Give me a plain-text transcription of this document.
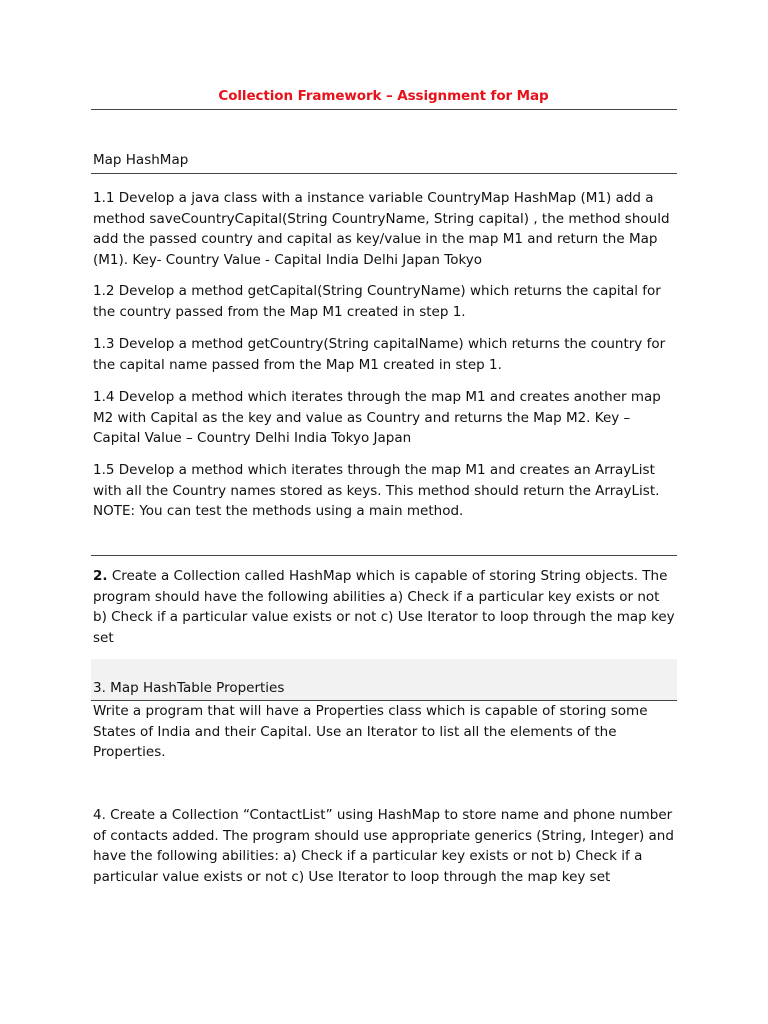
Collection Framework – Assignment for Map
Map HashMap

1.1 Develop a java class with a instance variable CountryMap HashMap (M1) add a method saveCountryCapital(String CountryName, String capital) , the method should add the passed country and capital as key/value in the map M1 and return the Map (M1). Key- Country Value - Capital India Delhi Japan Tokyo

1.2 Develop a method getCapital(String CountryName) which returns the capital for the country passed from the Map M1 created in step 1.

1.3 Develop a method getCountry(String capitalName) which returns the country for the capital name passed from the Map M1 created in step 1.

1.4 Develop a method which iterates through the map M1 and creates another map M2 with Capital as the key and value as Country and returns the Map M2. Key – Capital Value – Country Delhi India Tokyo Japan

1.5 Develop a method which iterates through the map M1 and creates an ArrayList with all the Country names stored as keys. This method should return the ArrayList. NOTE: You can test the methods using a main method.

2. Create a Collection called HashMap which is capable of storing String objects. The program should have the following abilities a) Check if a particular key exists or not b) Check if a particular value exists or not c) Use Iterator to loop through the map key set

3. Map HashTable Properties

Write a program that will have a Properties class which is capable of storing some States of India and their Capital. Use an Iterator to list all the elements of the Properties.

4. Create a Collection “ContactList” using HashMap to store name and phone number of contacts added. The program should use appropriate generics (String, Integer) and have the following abilities: a) Check if a particular key exists or not b) Check if a particular value exists or not c) Use Iterator to loop through the map key set
